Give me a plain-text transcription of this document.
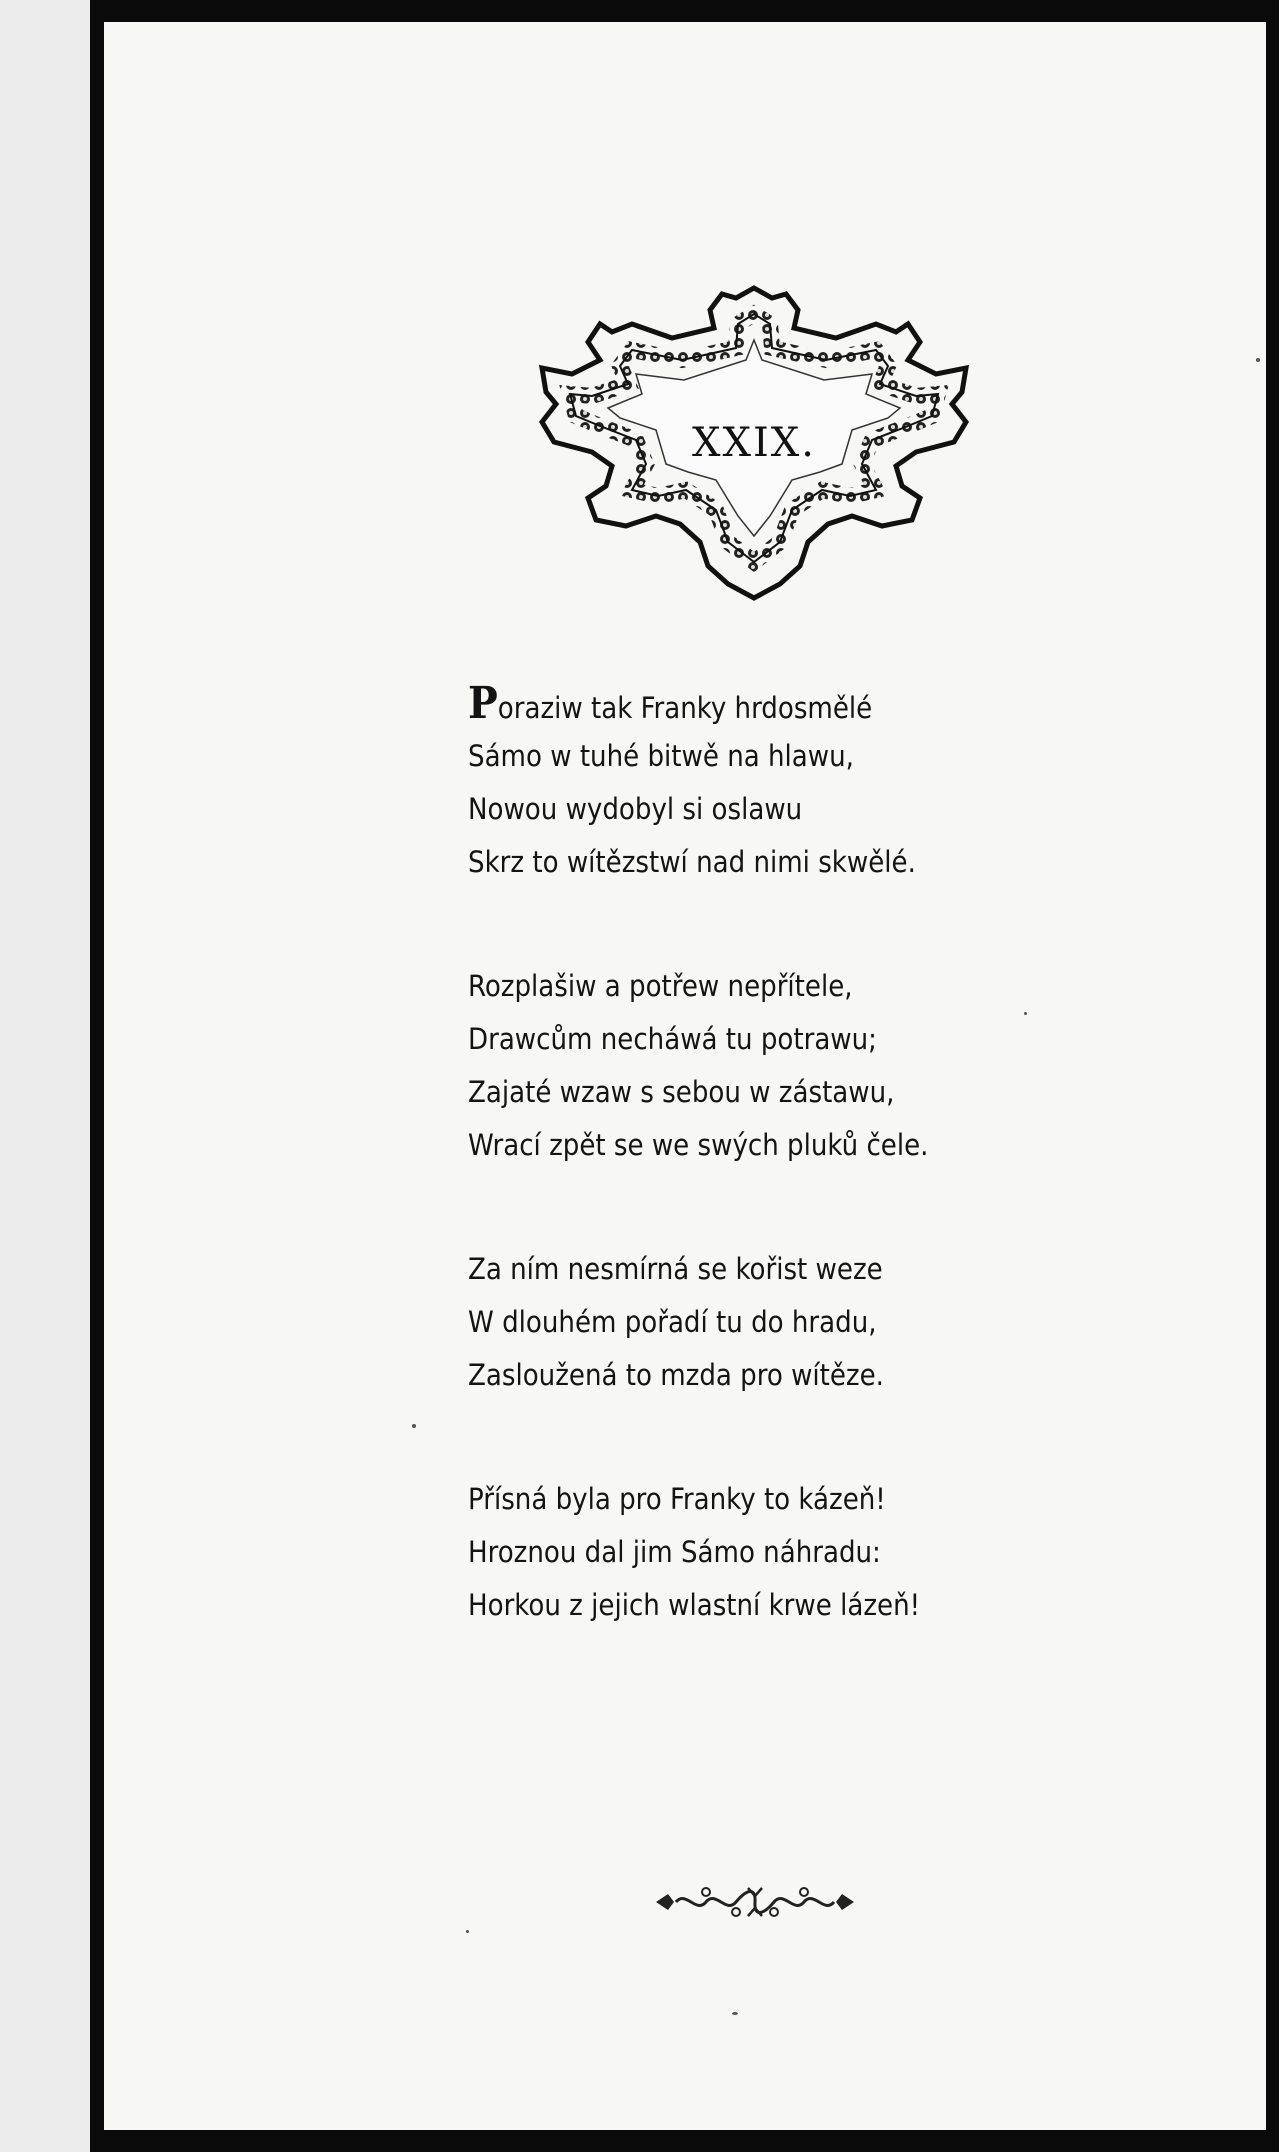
XXIX.
Poraziw tak Franky hrdosmělé
Sámo w tuhé bitwě na hlawu,
Nowou wydobyl si oslawu
Skrz to wítězstwí nad nimi skwělé.
Rozplašiw a potřew nepřítele,
Drawcům necháwá tu potrawu;
Zajaté wzaw s sebou w zástawu,
Wrací zpět se we swých pluků čele.
Za ním nesmírná se kořist weze
W dlouhém pořadí tu do hradu,
Zasloužená to mzda pro wítěze.
Přísná byla pro Franky to kázeň!
Hroznou dal jim Sámo náhradu:
Horkou z jejich wlastní krwe lázeň!
